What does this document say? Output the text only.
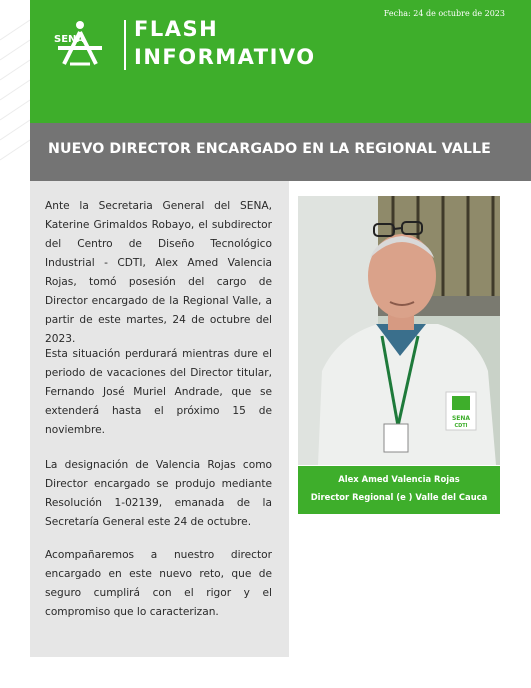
SENA FLASH
INFORMATIVO
Fecha: 24 de octubre de 2023
NUEVO DIRECTOR ENCARGADO EN LA REGIONAL VALLE

Ante la Secretaria General del SENA, Katerine Grimaldos Robayo, el subdirector del Centro de Diseño Tecnológico Industrial - CDTI, Alex Amed Valencia Rojas, tomó posesión del cargo de Director encargado de la Regional Valle, a partir de este martes, 24 de octubre del 2023.

Esta situación perdurará mientras dure el periodo de vacaciones del Director titular, Fernando José Muriel Andrade, que se extenderá hasta el próximo 15 de noviembre.

La designación de Valencia Rojas como Director encargado se produjo mediante Resolución 1-02139, emanada de la Secretaría General este 24 de octubre.

Acompañaremos a nuestro director encargado en este nuevo reto, que de seguro cumplirá con el rigor y el compromiso que lo caracterizan.

SENA
CDTI
Alex Amed Valencia Rojas
Director Regional (e ) Valle del Cauca
